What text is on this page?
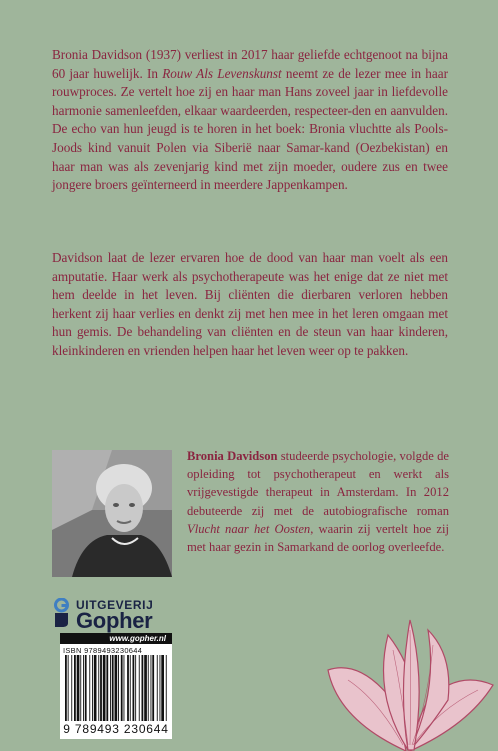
Bronia Davidson (1937) verliest in 2017 haar geliefde echtgenoot na bijna 60 jaar huwelijk. In Rouw Als Levenskunst neemt ze de lezer mee in haar rouwproces. Ze vertelt hoe zij en haar man Hans zoveel jaar in liefdevolle harmonie samenleefden, elkaar waardeerden, respecteer-den en aanvulden. De echo van hun jeugd is te horen in het boek: Bronia vluchtte als Pools-Joods kind vanuit Polen via Siberië naar Samar-kand (Oezbekistan) en haar man was als zevenjarig kind met zijn moeder, oudere zus en twee jongere broers geïnterneerd in meerdere Jappenkampen.

Davidson laat de lezer ervaren hoe de dood van haar man voelt als een amputatie. Haar werk als psychotherapeute was het enige dat ze niet met hem deelde in het leven. Bij cliënten die dierbaren verloren hebben herkent zij haar verlies en denkt zij met hen mee in het leren omgaan met hun gemis. De behandeling van cliënten en de steun van haar kinderen, kleinkinderen en vrienden helpen haar het leven weer op te pakken.

Bronia Davidson studeerde psychologie, volgde de opleiding tot psychotherapeut en werkt als vrijgevestigde therapeut in Amsterdam. In 2012 debuteerde zij met de autobiografische roman Vlucht naar het Oosten, waarin zij vertelt hoe zij met haar gezin in Samarkand de oorlog overleefde.

UITGEVERIJ
Gopher
www.gopher.nl
ISBN 9789493230644
9 789493 230644
